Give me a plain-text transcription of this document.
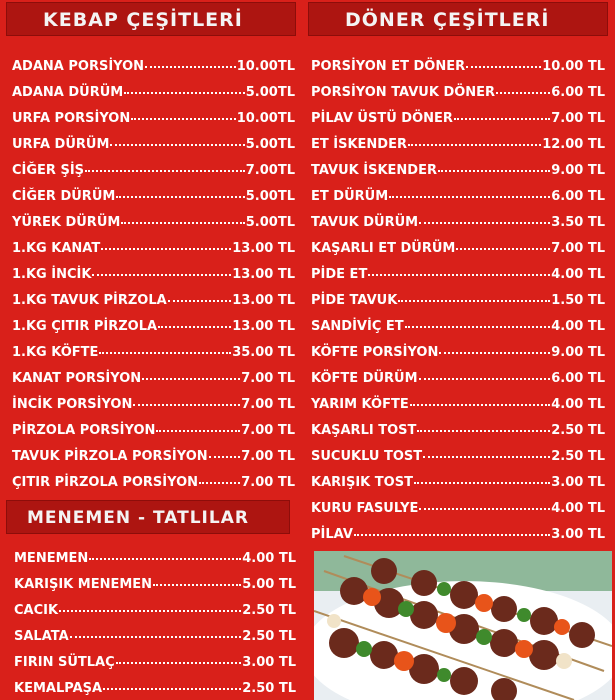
KEBAP ÇEŞİTLERİ	DÖNER ÇEŞİTLERİ
ADANA PORSİYON	10.00TL
ADANA DÜRÜM	5.00TL
URFA PORSİYON	10.00TL
URFA DÜRÜM	5.00TL
CİĞER ŞİŞ	7.00TL
CİĞER DÜRÜM	5.00TL
YÜREK DÜRÜM	5.00TL
1.KG KANAT	13.00 TL
1.KG İNCİK	13.00 TL
1.KG TAVUK PİRZOLA	13.00 TL
1.KG ÇITIR PİRZOLA	13.00 TL
1.KG KÖFTE	35.00 TL
KANAT PORSİYON	7.00 TL
İNCİK PORSİYON	7.00 TL
PİRZOLA PORSİYON	7.00 TL
TAVUK PİRZOLA PORSİYON	7.00 TL
ÇITIR PİRZOLA PORSİYON	7.00 TL
PORSİYON ET DÖNER	10.00 TL
PORSİYON TAVUK DÖNER	6.00 TL
PİLAV ÜSTÜ DÖNER	7.00 TL
ET İSKENDER	12.00 TL
TAVUK İSKENDER	9.00 TL
ET DÜRÜM	6.00 TL
TAVUK DÜRÜM	3.50 TL
KAŞARLI ET DÜRÜM	7.00 TL
PİDE ET	4.00 TL
PİDE TAVUK	1.50 TL
SANDİVİÇ ET	4.00 TL
KÖFTE PORSİYON	9.00 TL
KÖFTE DÜRÜM	6.00 TL
YARIM KÖFTE	4.00 TL
KAŞARLI TOST	2.50 TL
SUCUKLU TOST	2.50 TL
KARIŞIK TOST	3.00 TL
KURU FASULYE	4.00 TL
PİLAV	3.00 TL
MENEMEN - TATLILAR
MENEMEN	4.00 TL
KARIŞIK MENEMEN	5.00 TL
CACIK	2.50 TL
SALATA	2.50 TL
FIRIN SÜTLAÇ	3.00 TL
KEMALPAŞA	2.50 TL
